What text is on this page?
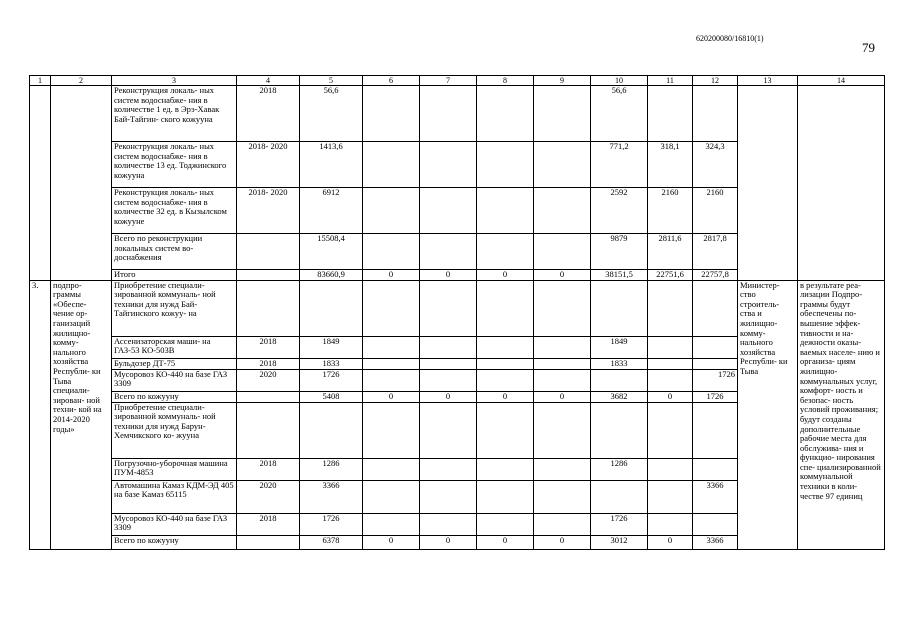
620200080/16810(1)
79
1	2	3	4	5	6	7	8	9	10	11	12	13	14
		Реконструкция локаль- ных систем водоснабже- ния в количестве 1 ед. в Эрэ-Хавак Бай-Тайгин- ского кожууна	2018	56,6					56,6				
		Реконструкция локаль- ных систем водоснабже- ния в количестве 13 ед. Тоджинского кожууна	2018- 2020	1413,6					771,2	318,1	324,3		
		Реконструкция локаль- ных систем водоснабже- ния в количестве 32 ед. в Кызылском кожууне	2018- 2020	6912					2592	2160	2160		
		Всего по реконструкции локальных систем во- доснабжения		15508,4					9879	2811,6	2817,8		
		Итого		83660,9	0	0	0	0	38151,5	22751,6	22757,8		
3.	подпро- граммы «Обеспе- чение ор- ганизаций жилищно- комму- нального хозяйства Республи- ки Тыва специали- зирован- ной техни- кой на 2014-2020 годы»	Приобретение специали- зированной коммуналь- ной техники для нужд Бай-Тайгинского кожуу- на										Министер- ство строитель- ства и жилищно- комму- нального хозяйства Республи- ки Тыва	в результате реа- лизации Подпро- граммы будут обеспечены по- вышение эффек- тивности и на- дежности оказы- ваемых населе- нию и организа- циям жилищно- коммунальных услуг, комфорт- ность и безопас- ность условий проживания; будут созданы дополнительные рабочие места для обслужива- ния и функцио- нирования спе- циализированной коммунальной техники в коли- честве 97 единиц
		Ассенизаторская маши- на ГАЗ-53 КО-503В	2018	1849					1849				
		Бульдозер ДТ-75	2018	1833					1833				
		Мусоровоз КО-440 на базе ГАЗ 3309	2020	1726							1726		
		Всего по кожууну		5408	0	0	0	0	3682	0	1726		
		Приобретение специали- зированной коммуналь- ной техники для нужд Барун-Хемчикского ко- жууна											
		Погрузочно-уборочная машина ПУМ-4853	2018	1286					1286				
		Автомашина Камаз КДМ-ЭД 405 на базе Камаз 65115	2020	3366							3366		
		Мусоровоз КО-440 на базе ГАЗ 3309	2018	1726					1726				
		Всего по кожууну		6378	0	0	0	0	3012	0	3366		
